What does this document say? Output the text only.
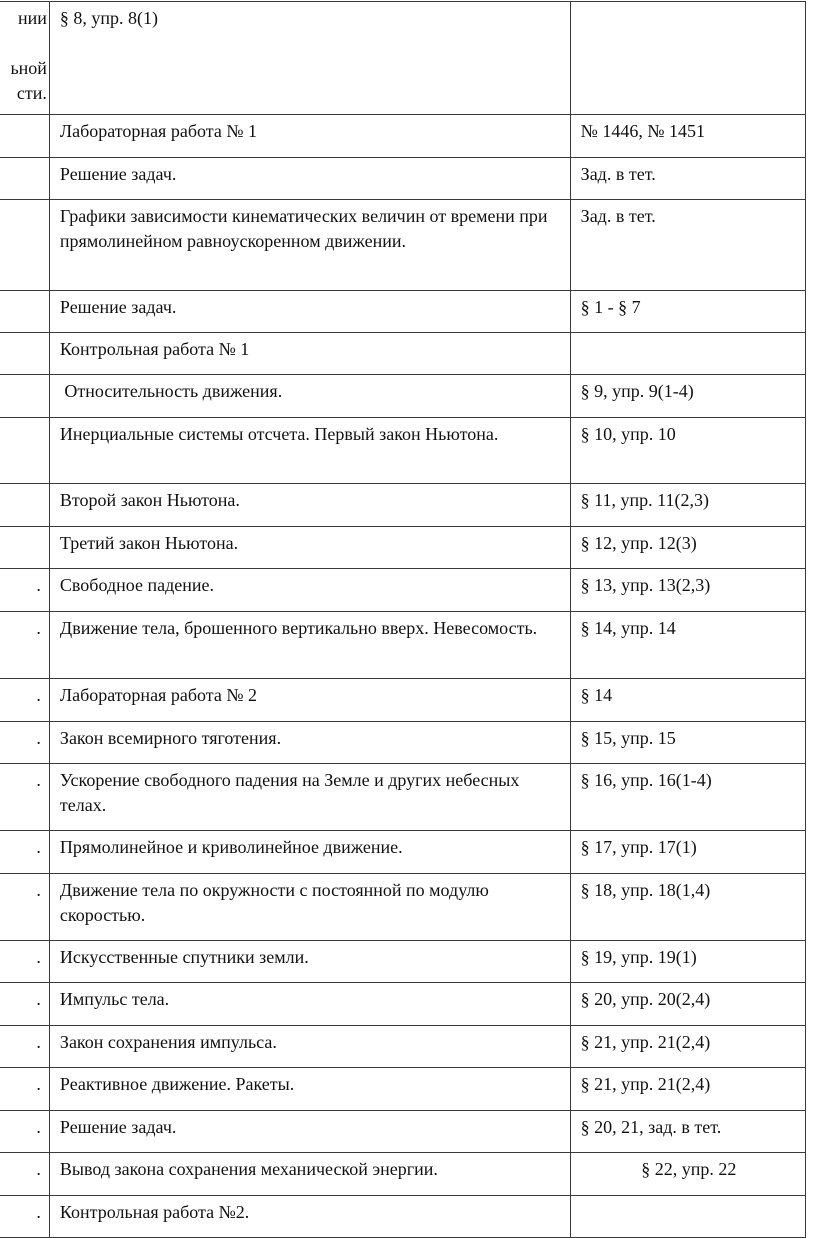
нии

ьной
сти.	§ 8, упр. 8(1)	
	Лабораторная работа № 1	№ 1446, № 1451
	Решение задач.	Зад. в тет.
	Графики зависимости кинематических величин от времени при прямолинейном равноускоренном движении.	Зад. в тет.
	Решение задач.	§ 1 - § 7
	Контрольная работа № 1	
	Относительность движения.	§ 9, упр. 9(1-4)
	Инерциальные системы отсчета. Первый закон Ньютона.	§ 10, упр. 10
	Второй закон Ньютона.	§ 11, упр. 11(2,3)
	Третий закон Ньютона.	§ 12, упр. 12(3)
.	Свободное падение.	§ 13, упр. 13(2,3)
.	Движение тела, брошенного вертикально вверх. Невесомость.	§ 14, упр. 14
.	Лабораторная работа № 2	§ 14
.	Закон всемирного тяготения.	§ 15, упр. 15
.	Ускорение свободного падения на Земле и других небесных телах.	§ 16, упр. 16(1-4)
.	Прямолинейное и криволинейное движение.	§ 17, упр. 17(1)
.	Движение тела по окружности с постоянной по модулю скоростью.	§ 18, упр. 18(1,4)
.	Искусственные спутники земли.	§ 19, упр. 19(1)
.	Импульс тела.	§ 20, упр. 20(2,4)
.	Закон сохранения импульса.	§ 21, упр. 21(2,4)
.	Реактивное движение. Ракеты.	§ 21, упр. 21(2,4)
.	Решение задач.	§ 20, 21, зад. в тет.
.	Вывод закона сохранения механической энергии.	§ 22, упр. 22
.	Контрольная работа №2.	
